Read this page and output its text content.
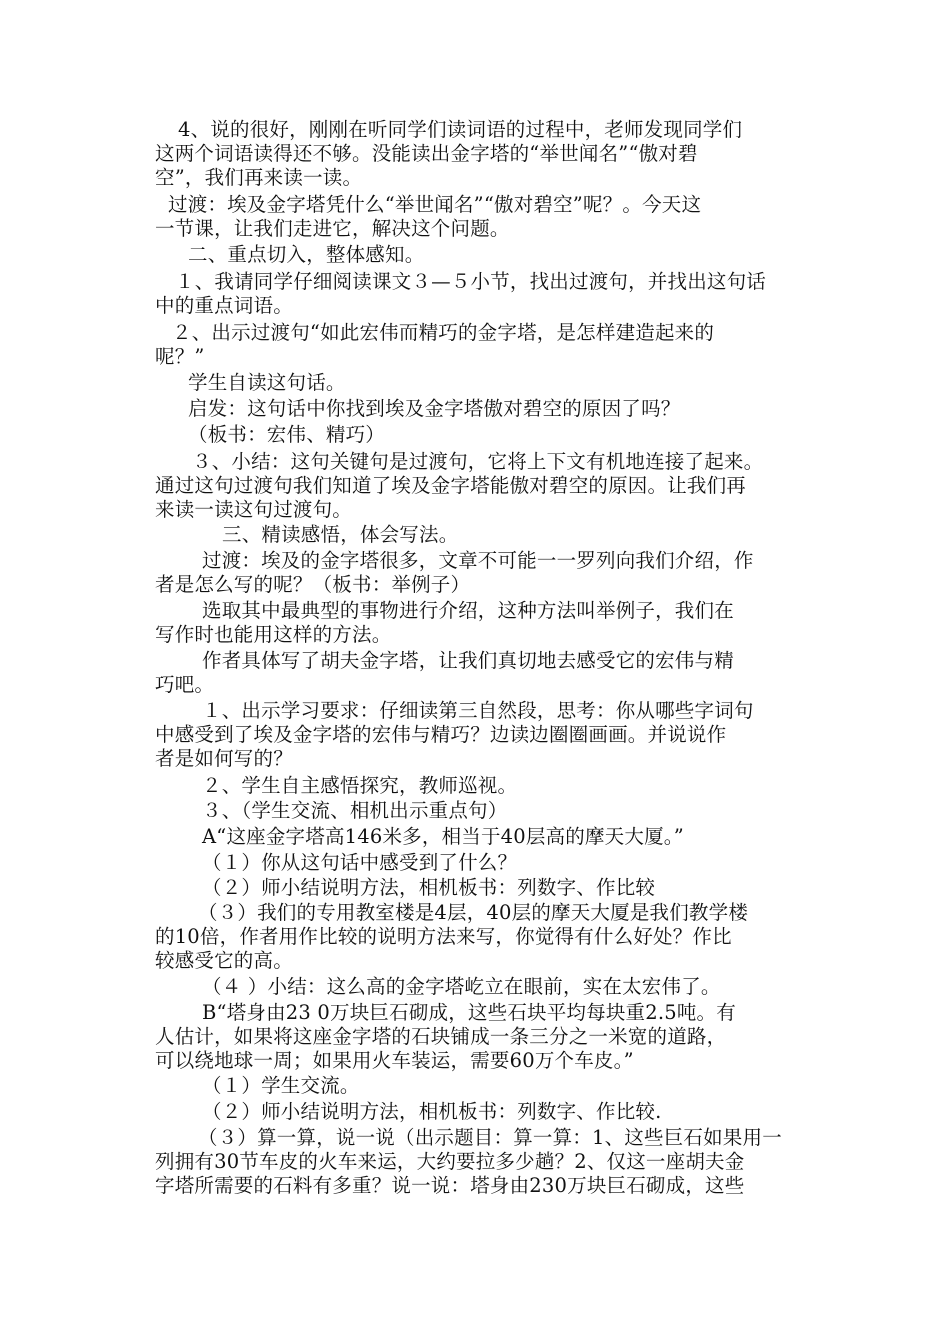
4、说的很好，刚刚在听同学们读词语的过程中，老师发现同学们
这两个词语读得还不够。没能读出金字塔的“举世闻名”“傲对碧
空”，我们再来读一读。
过渡：埃及金字塔凭什么“举世闻名”“傲对碧空”呢？。今天这
一节课，让我们走进它，解决这个问题。
二、重点切入，整体感知。
１、我请同学仔细阅读课文３—５小节，找出过渡句，并找出这句话
中的重点词语。
２、出示过渡句“如此宏伟而精巧的金字塔，是怎样建造起来的
呢？”
学生自读这句话。
启发：这句话中你找到埃及金字塔傲对碧空的原因了吗？
（板书：宏伟、精巧）
３、小结：这句关键句是过渡句，它将上下文有机地连接了起来。
通过这句过渡句我们知道了埃及金字塔能傲对碧空的原因。让我们再
来读一读这句过渡句。
三、精读感悟，体会写法。
过渡：埃及的金字塔很多，文章不可能一一罗列向我们介绍，作
者是怎么写的呢？（板书：举例子）
选取其中最典型的事物进行介绍，这种方法叫举例子，我们在
写作时也能用这样的方法。
作者具体写了胡夫金字塔，让我们真切地去感受它的宏伟与精
巧吧。
１、出示学习要求：仔细读第三自然段，思考：你从哪些字词句
中感受到了埃及金字塔的宏伟与精巧？边读边圈圈画画。并说说作
者是如何写的？
２、学生自主感悟探究，教师巡视。
３、（学生交流、相机出示重点句）
A“这座金字塔高146米多，相当于40层高的摩天大厦。”
（１）你从这句话中感受到了什么？
（２）师小结说明方法，相机板书：列数字、作比较
（３）我们的专用教室楼是4层，40层的摩天大厦是我们教学楼
的10倍，作者用作比较的说明方法来写，你觉得有什么好处？作比
较感受它的高。
（４ ）小结：这么高的金字塔屹立在眼前，实在太宏伟了。
B“塔身由23 0万块巨石砌成，这些石块平均每块重2.5吨。有
人估计，如果将这座金字塔的石块铺成一条三分之一米宽的道路，
可以绕地球一周；如果用火车装运，需要60万个车皮。”
（１）学生交流。
（２）师小结说明方法，相机板书：列数字、作比较.
（３）算一算，说一说（出示题目：算一算：1、这些巨石如果用一
列拥有30节车皮的火车来运，大约要拉多少趟？2、仅这一座胡夫金
字塔所需要的石料有多重？说一说：塔身由230万块巨石砌成，这些
